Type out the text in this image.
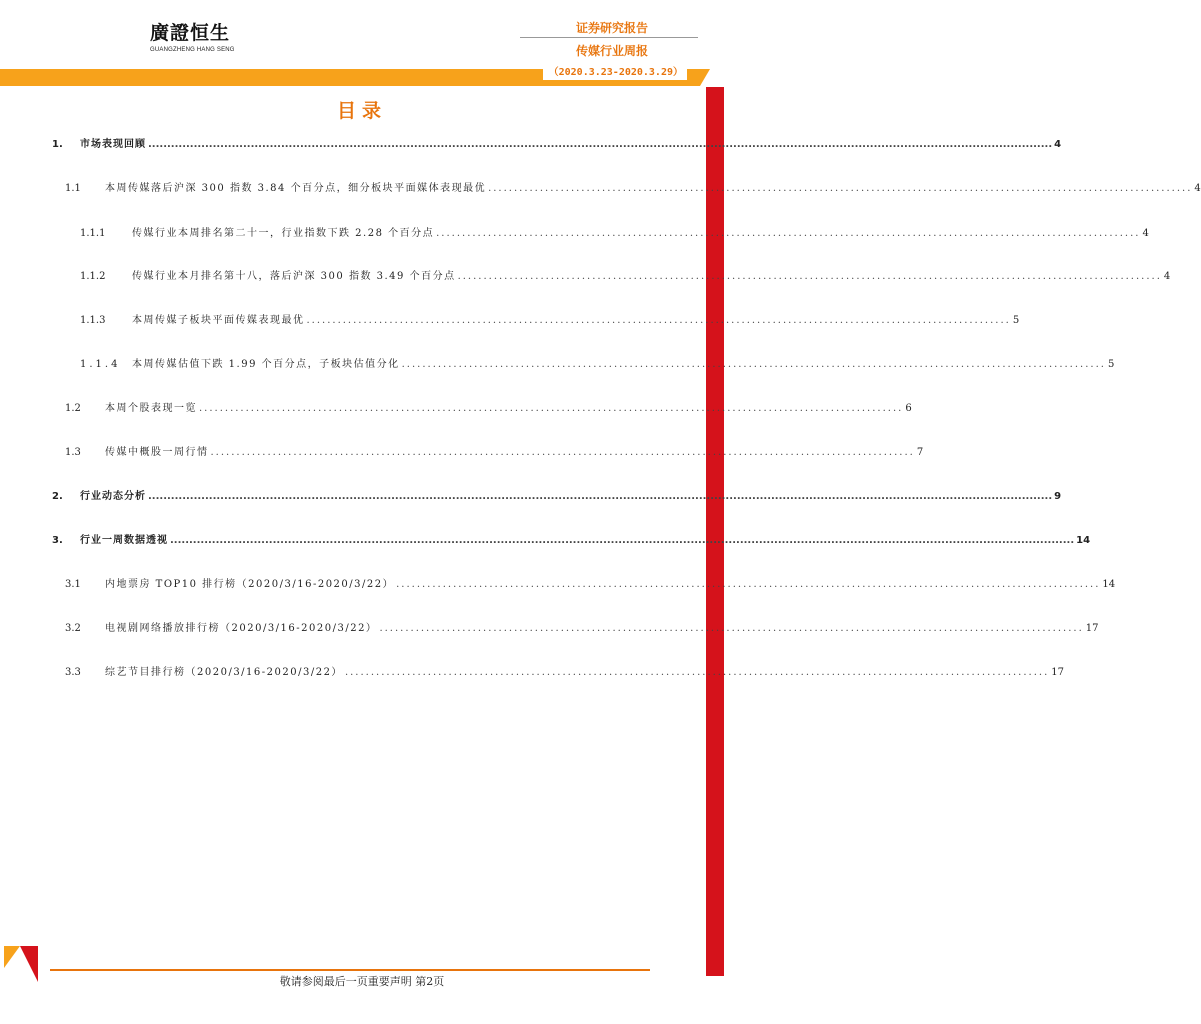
廣證恒生
GUANGZHENG HANG SENG
证券研究报告
传媒行业周报
（2020.3.23-2020.3.29）
目录
1.	市场表现回顾 .............................................................................................................................................................................................................................................. 4
1.1	本周传媒落后沪深 300 指数 3.84 个百分点，细分板块平面媒体表现最优 ........................................................................................................................................ 4
1.1.1	传媒行业本周排名第二十一，行业指数下跌 2.28 个百分点 ........................................................................................................................................ 4
1.1.2	传媒行业本月排名第十八，落后沪深 300 指数 3.49 个百分点 ........................................................................................................................................ 4
1.1.3	本周传媒子板块平面传媒表现最优 ........................................................................................................................................ 5
1.1.4	本周传媒估值下跌 1.99 个百分点，子板块估值分化 ........................................................................................................................................ 5
1.2	本周个股表现一览 ........................................................................................................................................ 6
1.3	传媒中概股一周行情 ........................................................................................................................................ 7
2.	行业动态分析 .............................................................................................................................................................................................................................................. 9
3.	行业一周数据透视 .............................................................................................................................................................................................................................................. 14
3.1	内地票房 TOP10 排行榜（2020/3/16-2020/3/22） ........................................................................................................................................ 14
3.2	电视剧网络播放排行榜（2020/3/16-2020/3/22） ........................................................................................................................................ 17
3.3	综艺节目排行榜（2020/3/16-2020/3/22） ........................................................................................................................................ 17
敬请参阅最后一页重要声明 第2页
